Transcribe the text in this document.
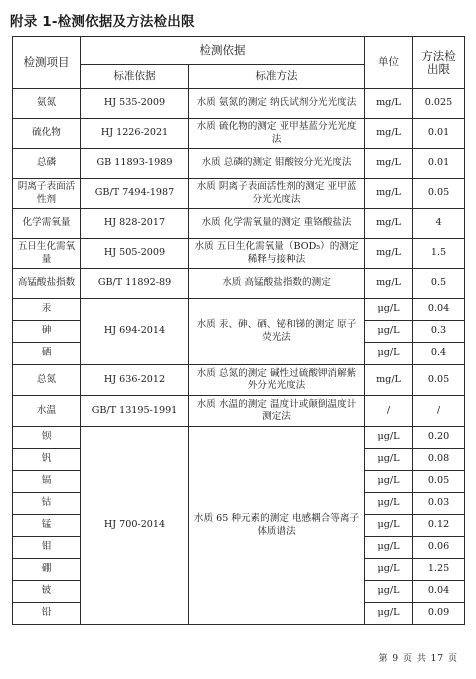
附录 1-检测依据及方法检出限
检测项目	检测依据		单位	方法检出限
	标准依据	标准方法		
氨氮	HJ 535-2009	水质 氨氮的测定 纳氏试剂分光光度法	mg/L	0.025
硫化物	HJ 1226-2021	水质 硫化物的测定 亚甲基蓝分光光度法	mg/L	0.01
总磷	GB 11893-1989	水质 总磷的测定 钼酸铵分光光度法	mg/L	0.01
阴离子表面活性剂	GB/T 7494-1987	水质 阴离子表面活性剂的测定 亚甲蓝分光光度法	mg/L	0.05
化学需氧量	HJ 828-2017	水质 化学需氧量的测定 重铬酸盐法	mg/L	4
五日生化需氧量	HJ 505-2009	水质 五日生化需氧量（BOD₅）的测定 稀释与接种法	mg/L	1.5
高锰酸盐指数	GB/T 11892-89	水质 高锰酸盐指数的测定	mg/L	0.5
汞	HJ 694-2014	水质 汞、砷、硒、铋和锑的测定 原子荧光法	μg/L	0.04
砷			μg/L	0.3
硒			μg/L	0.4
总氮	HJ 636-2012	水质 总氮的测定 碱性过硫酸钾消解紫外分光光度法	mg/L	0.05
水温	GB/T 13195-1991	水质 水温的测定 温度计或颠倒温度计测定法	/	/
钡	HJ 700-2014	水质 65 种元素的测定 电感耦合等离子体质谱法	μg/L	0.20
钒			μg/L	0.08
镉			μg/L	0.05
钴			μg/L	0.03
锰			μg/L	0.12
钼			μg/L	0.06
硼			μg/L	1.25
铍			μg/L	0.04
铅			μg/L	0.09
第 9 页 共 17 页
